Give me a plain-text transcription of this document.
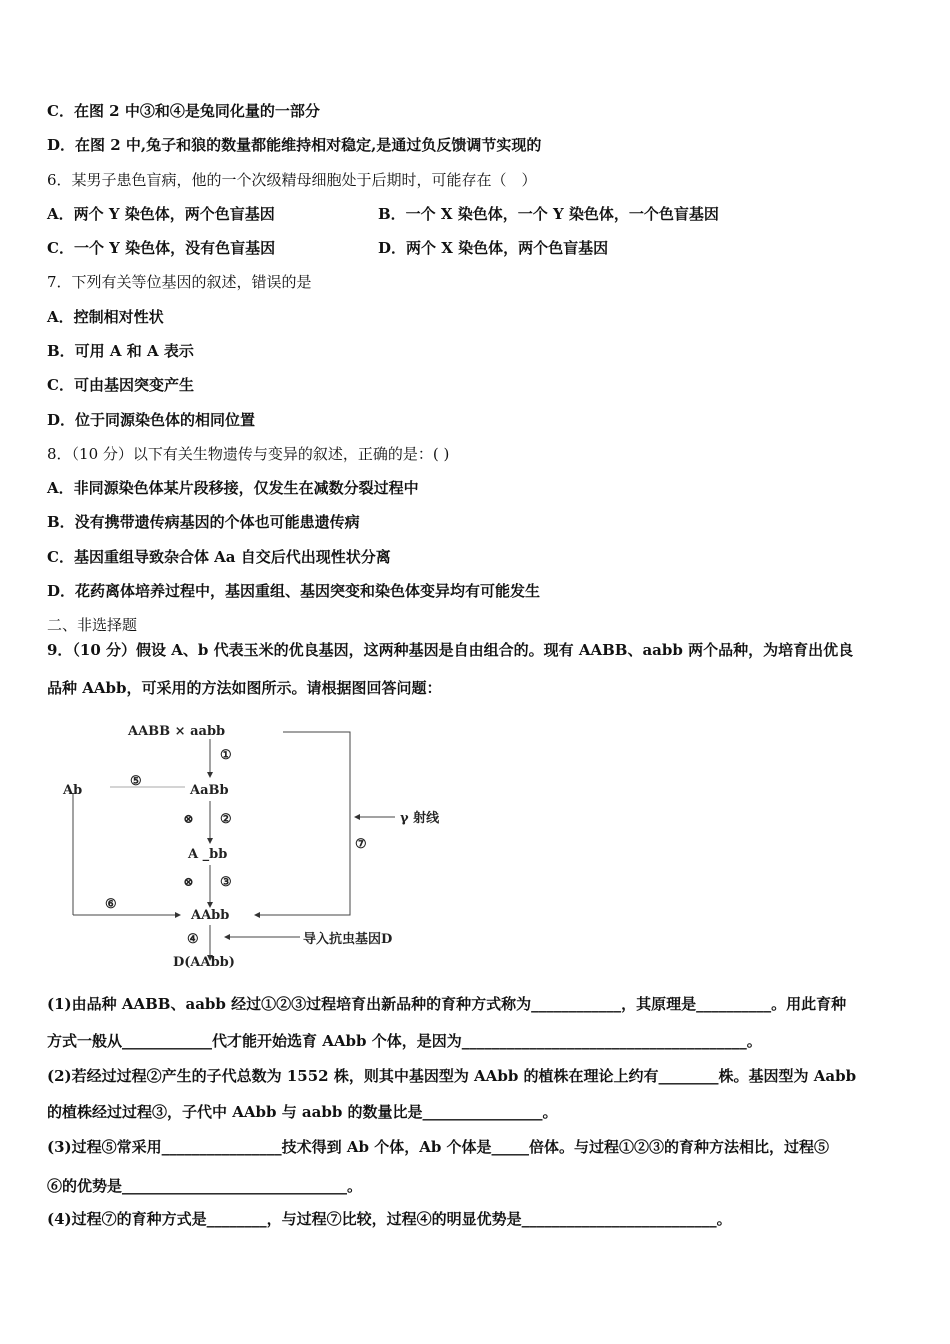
C．在图 2 中③和④是兔同化量的一部分
D．在图 2 中,兔子和狼的数量都能维持相对稳定,是通过负反馈调节实现的
6．某男子患色盲病，他的一个次级精母细胞处于后期时，可能存在（　）
A．两个 Y 染色体，两个色盲基因	B．一个 X 染色体，一个 Y 染色体，一个色盲基因
C．一个 Y 染色体，没有色盲基因	D．两个 X 染色体，两个色盲基因
7．下列有关等位基因的叙述，错误的是
A．控制相对性状
B．可用 A 和 A 表示
C．可由基因突变产生
D．位于同源染色体的相同位置
8．（10 分）以下有关生物遗传与变异的叙述，正确的是：( )
A．非同源染色体某片段移接，仅发生在减数分裂过程中
B．没有携带遗传病基因的个体也可能患遗传病
C．基因重组导致杂合体 Aa 自交后代出现性状分离
D．花药离体培养过程中，基因重组、基因突变和染色体变异均有可能发生
二、非选择题
9．（10 分）假设 A、b 代表玉米的优良基因，这两种基因是自由组合的。现有 AABB、aabb 两个品种，为培育出优良
品种 AAbb，可采用的方法如图所示。请根据图回答问题：
AABB × aabb
①
AaBb
⑤
Ab
⊗ ②	γ 射线
⑦
A _bb
⊗ ③
⑥
AAbb
④	导入抗虫基因D
D(AAbb)
(1)由品种 AABB、aabb 经过①②③过程培育出新品种的育种方式称为____________，其原理是__________。用此育种
方式一般从____________代才能开始选育 AAbb 个体，是因为______________________________________。
(2)若经过过程②产生的子代总数为 1552 株，则其中基因型为 AAbb 的植株在理论上约有________株。基因型为 Aabb
的植株经过过程③，子代中 AAbb 与 aabb 的数量比是________________。
(3)过程⑤常采用________________技术得到 Ab 个体，Ab 个体是_____倍体。与过程①②③的育种方法相比，过程⑤
⑥的优势是______________________________。
(4)过程⑦的育种方式是________，与过程⑦比较，过程④的明显优势是__________________________。
